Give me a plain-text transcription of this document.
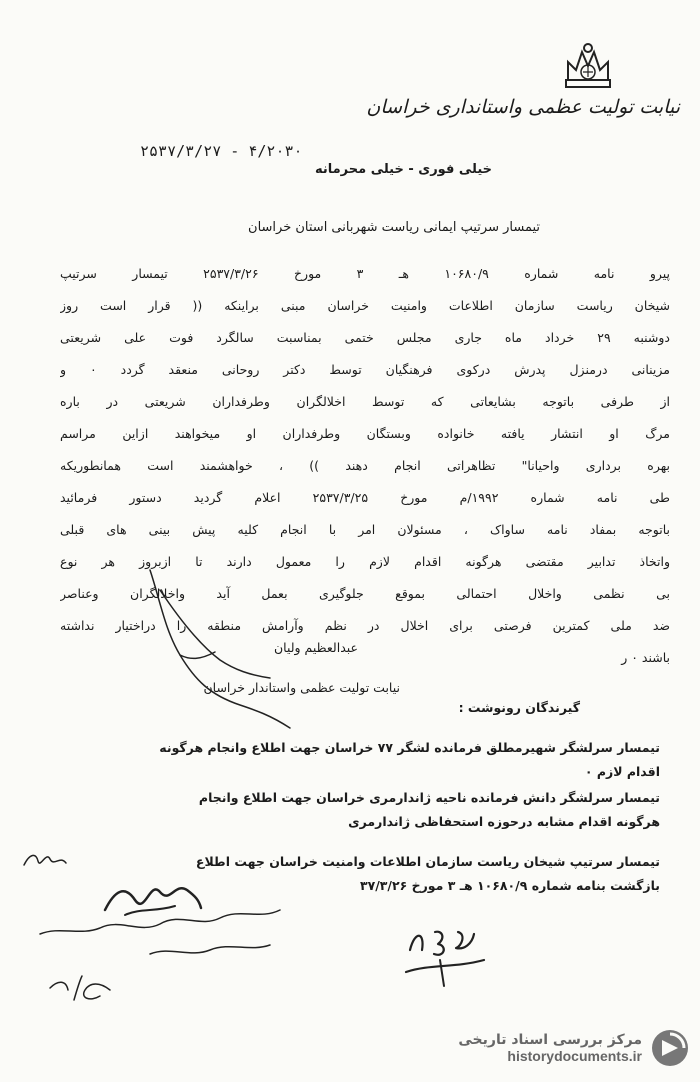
نیابت تولیت عظمی واستانداری خراسان
۲۵۳۷/۳/۲۷ - ۴/۲۰۳۰
خیلی فوری - خیلی محرمانه
تیمسار سرتیپ ایمانی ریاست شهربانی استان خراسان
پیرو نامه شماره ۱۰۶۸۰/۹ هـ ۳ مورخ ۲۵۳۷/۳/۲۶ تیمسار سرتیپ
شیخان ریاست سازمان اطلاعات وامنیت خراسان مبنی براینکه (( قرار است روز
دوشنبه ۲۹ خرداد ماه جاری مجلس ختمی بمناسبت سالگرد فوت علی شریعتی
مزینانی درمنزل پدرش درکوی فرهنگیان توسط دکتر روحانی منعقد گردد ۰ و
از طرفی باتوجه بشایعاتی که توسط اخلالگران وطرفداران شریعتی در باره
مرگ او انتشار یافته خانواده وبستگان وطرفداران او میخواهند ازاین مراسم
بهره برداری واحیانا" تظاهراتی انجام دهند )) ، خواهشمند است همانطوریکه
طی نامه شماره ۱۹۹۲/م مورخ ۲۵۳۷/۳/۲۵ اعلام گردید دستور فرمائید
باتوجه بمفاد نامه ساواک ، مسئولان امر با انجام کلیه پیش بینی های قبلی
واتخاذ تدابیر مقتضی هرگونه اقدام لازم را معمول دارند تا ازبروز هر نوع
بی نظمی واخلال احتمالی بموقع جلوگیری بعمل آید واخلالگران وعناصر
ضد ملی کمترین فرصتی برای اخلال در نظم وآرامش منطقه را دراختیار نداشته
باشند ۰ ر
عبدالعظیم ولیان
نیابت تولیت عظمی واستاندار خراسان
گیرندگان رونوشت :
تیمسار سرلشگر شهیرمطلق فرمانده لشگر ۷۷ خراسان جهت اطلاع وانجام هرگونه
اقدام لازم ۰
تیمسار سرلشگر دانش فرمانده ناحیه ژاندارمری خراسان جهت اطلاع وانجام
هرگونه اقدام مشابه درحوزه استحفاظی ژاندارمری
تیمسار سرتیپ شیخان ریاست سازمان اطلاعات وامنیت خراسان جهت اطلاع
بازگشت بنامه شماره ۱۰۶۸۰/۹ هـ ۳ مورخ ۳۷/۳/۲۶
مرکز بررسی اسناد تاریخی
historydocuments.ir
